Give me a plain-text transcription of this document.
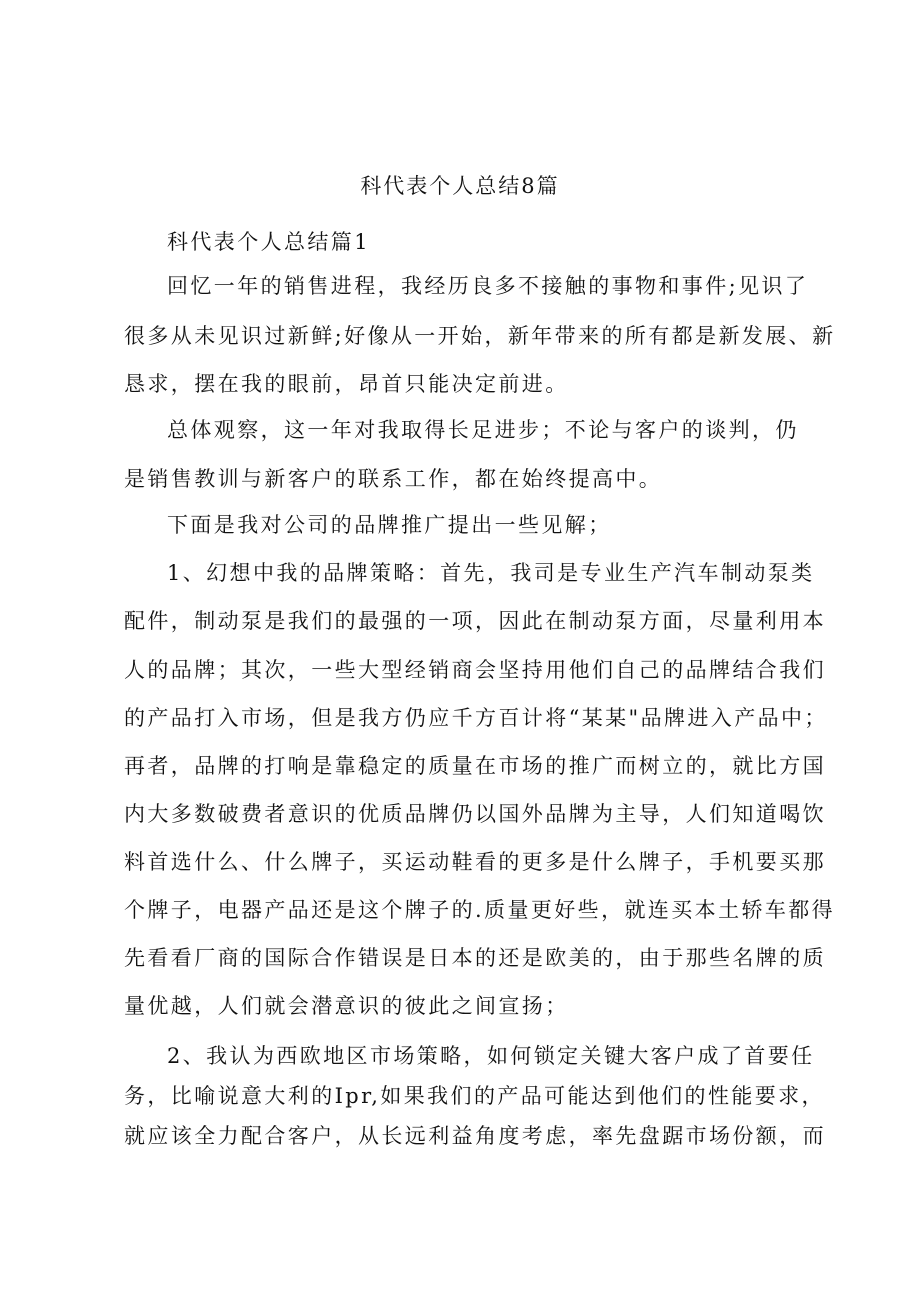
科代表个人总结8篇

科代表个人总结篇1

回忆一年的销售进程，我经历良多不接触的事物和事件;见识了

很多从未见识过新鲜;好像从一开始，新年带来的所有都是新发展、新

恳求，摆在我的眼前，昂首只能决定前进。

总体观察，这一年对我取得长足进步；不论与客户的谈判，仍

是销售教训与新客户的联系工作，都在始终提高中。

下面是我对公司的品牌推广提出一些见解；

1、幻想中我的品牌策略：首先，我司是专业生产汽车制动泵类

配件，制动泵是我们的最强的一项，因此在制动泵方面，尽量利用本

人的品牌；其次，一些大型经销商会坚持用他们自己的品牌结合我们

的产品打入市场，但是我方仍应千方百计将“某某"品牌进入产品中；

再者，品牌的打响是靠稳定的质量在市场的推广而树立的，就比方国

内大多数破费者意识的优质品牌仍以国外品牌为主导，人们知道喝饮

料首选什么、什么牌子，买运动鞋看的更多是什么牌子，手机要买那

个牌子，电器产品还是这个牌子的.质量更好些，就连买本土轿车都得

先看看厂商的国际合作错误是日本的还是欧美的，由于那些名牌的质

量优越，人们就会潜意识的彼此之间宣扬；

2、我认为西欧地区市场策略，如何锁定关键大客户成了首要任

务，比喻说意大利的Ipr,如果我们的产品可能达到他们的性能要求，

就应该全力配合客户，从长远利益角度考虑，率先盘踞市场份额，而
